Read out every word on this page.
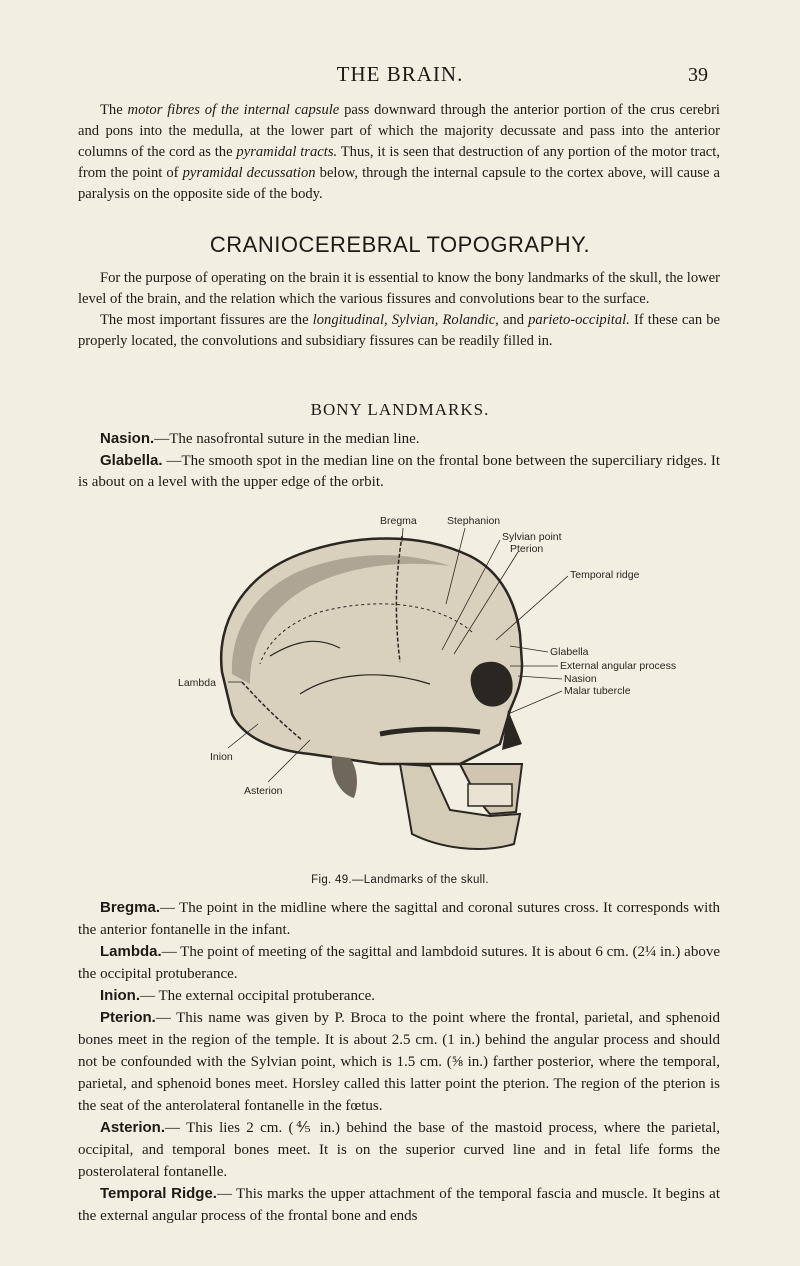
THE BRAIN.	39

The motor fibres of the internal capsule pass downward through the anterior portion of the crus cerebri and pons into the medulla, at the lower part of which the majority decussate and pass into the anterior columns of the cord as the pyramidal tracts. Thus, it is seen that destruction of any portion of the motor tract, from the point of pyramidal decussation below, through the internal capsule to the cortex above, will cause a paralysis on the opposite side of the body.

CRANIOCEREBRAL TOPOGRAPHY.

For the purpose of operating on the brain it is essential to know the bony landmarks of the skull, the lower level of the brain, and the relation which the various fissures and convolutions bear to the surface.

The most important fissures are the longitudinal, Sylvian, Rolandic, and parieto-occipital. If these can be properly located, the convolutions and subsidiary fissures can be readily filled in.

BONY LANDMARKS.

Nasion.—The nasofrontal suture in the median line.

Glabella. —The smooth spot in the median line on the frontal bone between the superciliary ridges. It is about on a level with the upper edge of the orbit.

Bregma	Stephanion
Sylvian point
Pterion
Temporal ridge
Glabella
External angular process
Nasion
Malar tubercle
Lambda
Inion
Asterion
Fig. 49.—Landmarks of the skull.

Bregma.— The point in the midline where the sagittal and coronal sutures cross. It corresponds with the anterior fontanelle in the infant.

Lambda.— The point of meeting of the sagittal and lambdoid sutures. It is about 6 cm. (2¼ in.) above the occipital protuberance.

Inion.— The external occipital protuberance.

Pterion.— This name was given by P. Broca to the point where the frontal, parietal, and sphenoid bones meet in the region of the temple. It is about 2.5 cm. (1 in.) behind the angular process and should not be confounded with the Sylvian point, which is 1.5 cm. (⅝ in.) farther posterior, where the temporal, parietal, and sphenoid bones meet. Horsley called this latter point the pterion. The region of the pterion is the seat of the anterolateral fontanelle in the fœtus.

Asterion.— This lies 2 cm. (⅘ in.) behind the base of the mastoid process, where the parietal, occipital, and temporal bones meet. It is on the superior curved line and in fetal life forms the posterolateral fontanelle.

Temporal Ridge.— This marks the upper attachment of the temporal fascia and muscle. It begins at the external angular process of the frontal bone and ends
